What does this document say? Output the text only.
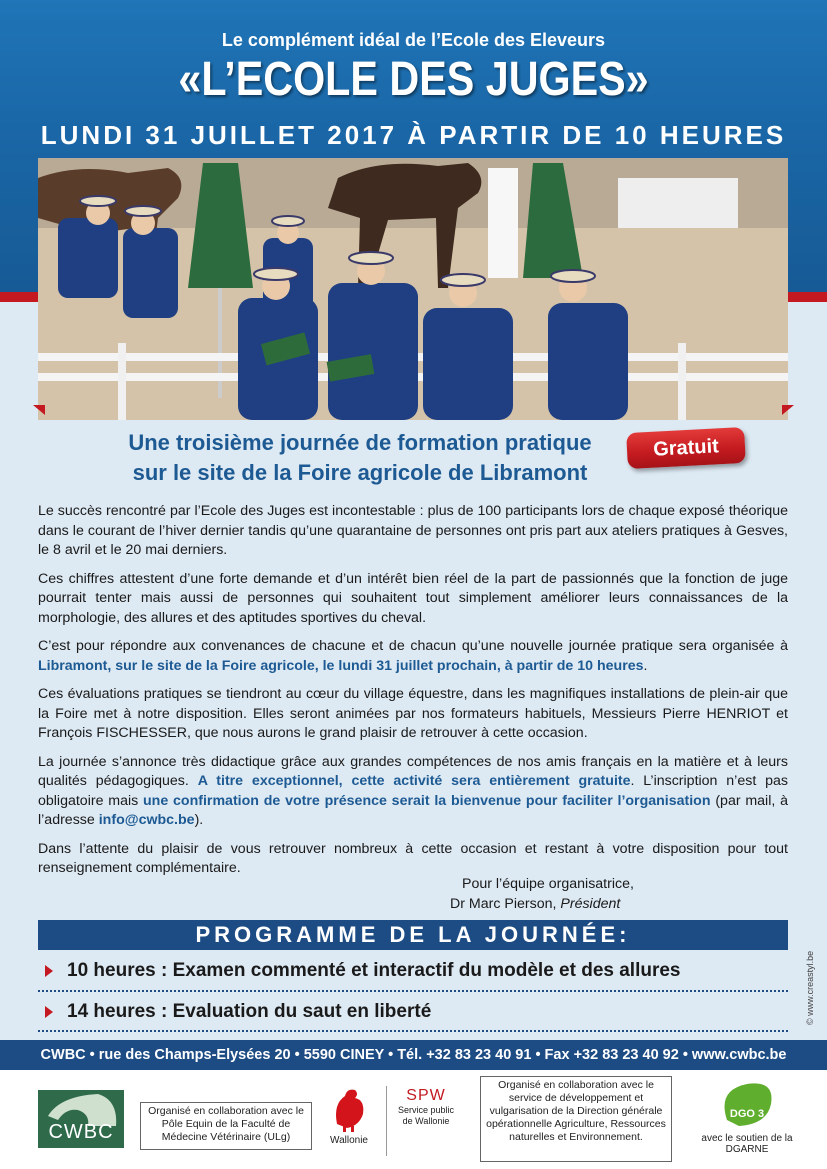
Le complément idéal de l’Ecole des Eleveurs
«L’ECOLE DES JUGES»
LUNDI 31 JUILLET 2017 À PARTIR DE 10 HEURES
Une troisième journée de formation pratique
sur le site de la Foire agricole de Libramont
Gratuit

Le succès rencontré par l’Ecole des Juges est incontestable : plus de 100 participants lors de chaque exposé théorique dans le courant de l’hiver dernier tandis qu’une quarantaine de personnes ont pris part aux ateliers pratiques à Gesves, le 8 avril et le 20 mai derniers.

Ces chiffres attestent d’une forte demande et d’un intérêt bien réel de la part de passionnés que la fonction de juge pourrait tenter mais aussi de personnes qui souhaitent tout simplement améliorer leurs connaissances de la morphologie, des allures et des aptitudes sportives du cheval.

C’est pour répondre aux convenances de chacune et de chacun qu’une nouvelle journée pratique sera organisée à Libramont, sur le site de la Foire agricole, le lundi 31 juillet prochain, à partir de 10 heures.

Ces évaluations pratiques se tiendront au cœur du village équestre, dans les magnifiques installations de plein-air que la Foire met à notre disposition. Elles seront animées par nos formateurs habituels, Messieurs Pierre HENRIOT et François FISCHESSER, que nous aurons le grand plaisir de retrouver à cette occasion.

La journée s’annonce très didactique grâce aux grandes compétences de nos amis français en la matière et à leurs qualités pédagogiques. A titre exceptionnel, cette activité sera entièrement gratuite. L’inscription n’est pas obligatoire mais une confirmation de votre présence serait la bienvenue pour faciliter l’organisation (par mail, à l’adresse info@cwbc.be).

Dans l’attente du plaisir de vous retrouver nombreux à cette occasion et restant à votre disposition pour tout renseignement complémentaire.

Pour l’équipe organisatrice,
Dr Marc Pierson, Président
PROGRAMME DE LA JOURNÉE:
10 heures : Examen commenté et interactif du modèle et des allures
14 heures : Evaluation du saut en liberté	© www.creastyl.be
CWBC • rue des Champs-Elysées 20 • 5590 CINEY • Tél. +32 83 23 40 91 • Fax +32 83 23 40 92 • www.cwbc.be
CWBC
Organisé en collaboration avec le Pôle Equin de la Faculté de Médecine Vétérinaire (ULg)	Wallonie
SPW
Service public de Wallonie
Organisé en collaboration avec le service de développement et vulgarisation de la Direction générale opérationnelle Agriculture, Ressources naturelles et Environnement.
DGO 3
avec le soutien de la DGARNE
